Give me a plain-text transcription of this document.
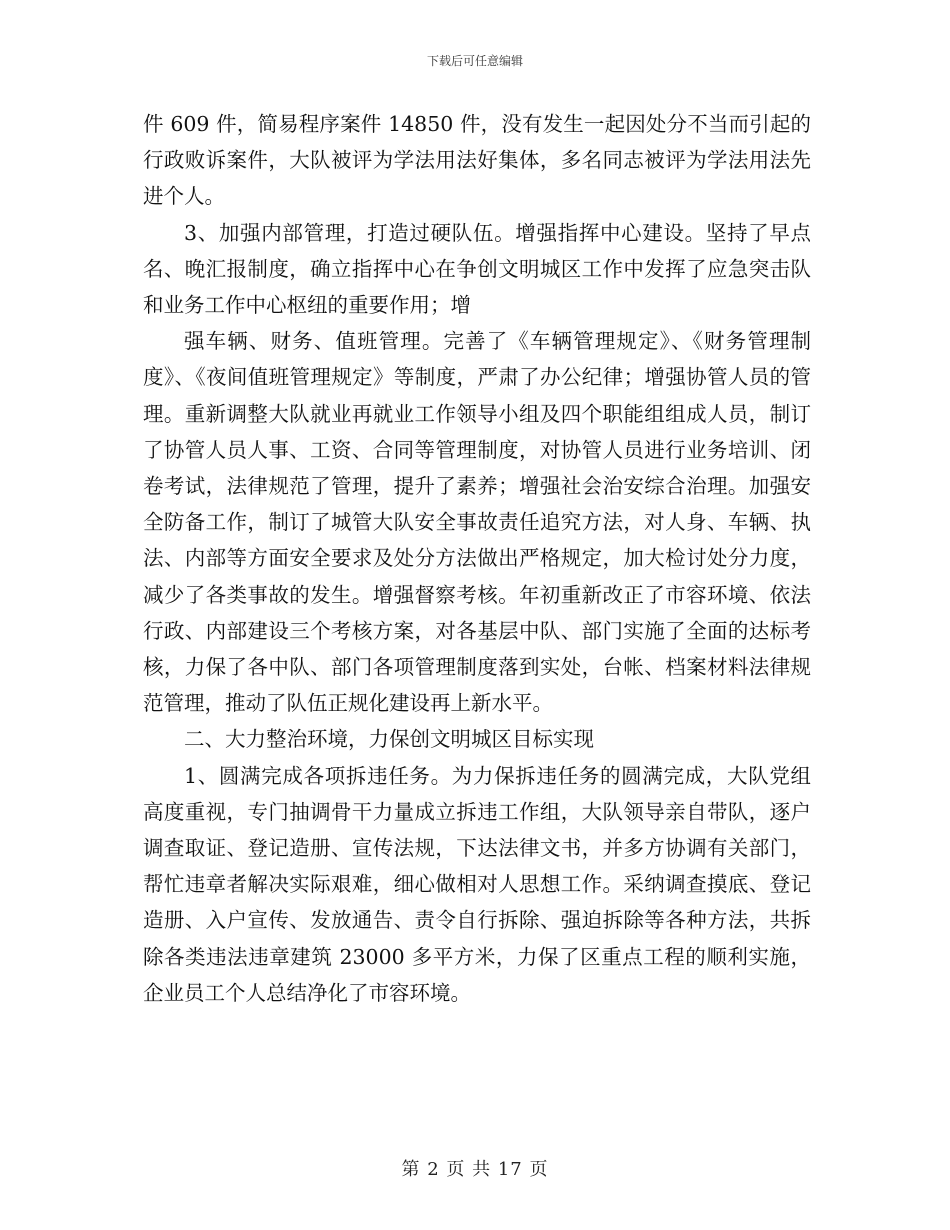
下载后可任意编辑

件 609 件，简易程序案件 14850 件，没有发生一起因处分不当而引起的行政败诉案件，大队被评为学法用法好集体，多名同志被评为学法用法先进个人。

3、加强内部管理，打造过硬队伍。增强指挥中心建设。坚持了早点名、晚汇报制度，确立指挥中心在争创文明城区工作中发挥了应急突击队和业务工作中心枢纽的重要作用；增

强车辆、财务、值班管理。完善了《车辆管理规定》、《财务管理制度》、《夜间值班管理规定》等制度，严肃了办公纪律；增强协管人员的管理。重新调整大队就业再就业工作领导小组及四个职能组组成人员，制订了协管人员人事、工资、合同等管理制度，对协管人员进行业务培训、闭卷考试，法律规范了管理，提升了素养；增强社会治安综合治理。加强安全防备工作，制订了城管大队安全事故责任追究方法，对人身、车辆、执法、内部等方面安全要求及处分方法做出严格规定，加大检讨处分力度，减少了各类事故的发生。增强督察考核。年初重新改正了市容环境、依法行政、内部建设三个考核方案，对各基层中队、部门实施了全面的达标考核，力保了各中队、部门各项管理制度落到实处，台帐、档案材料法律规范管理，推动了队伍正规化建设再上新水平。

二、大力整治环境，力保创文明城区目标实现

1、圆满完成各项拆违任务。为力保拆违任务的圆满完成，大队党组高度重视，专门抽调骨干力量成立拆违工作组，大队领导亲自带队，逐户调查取证、登记造册、宣传法规，下达法律文书，并多方协调有关部门，帮忙违章者解决实际艰难，细心做相对人思想工作。采纳调查摸底、登记造册、入户宣传、发放通告、责令自行拆除、强迫拆除等各种方法，共拆除各类违法违章建筑 23000 多平方米，力保了区重点工程的顺利实施，企业员工个人总结净化了市容环境。

第 2 页 共 17 页
